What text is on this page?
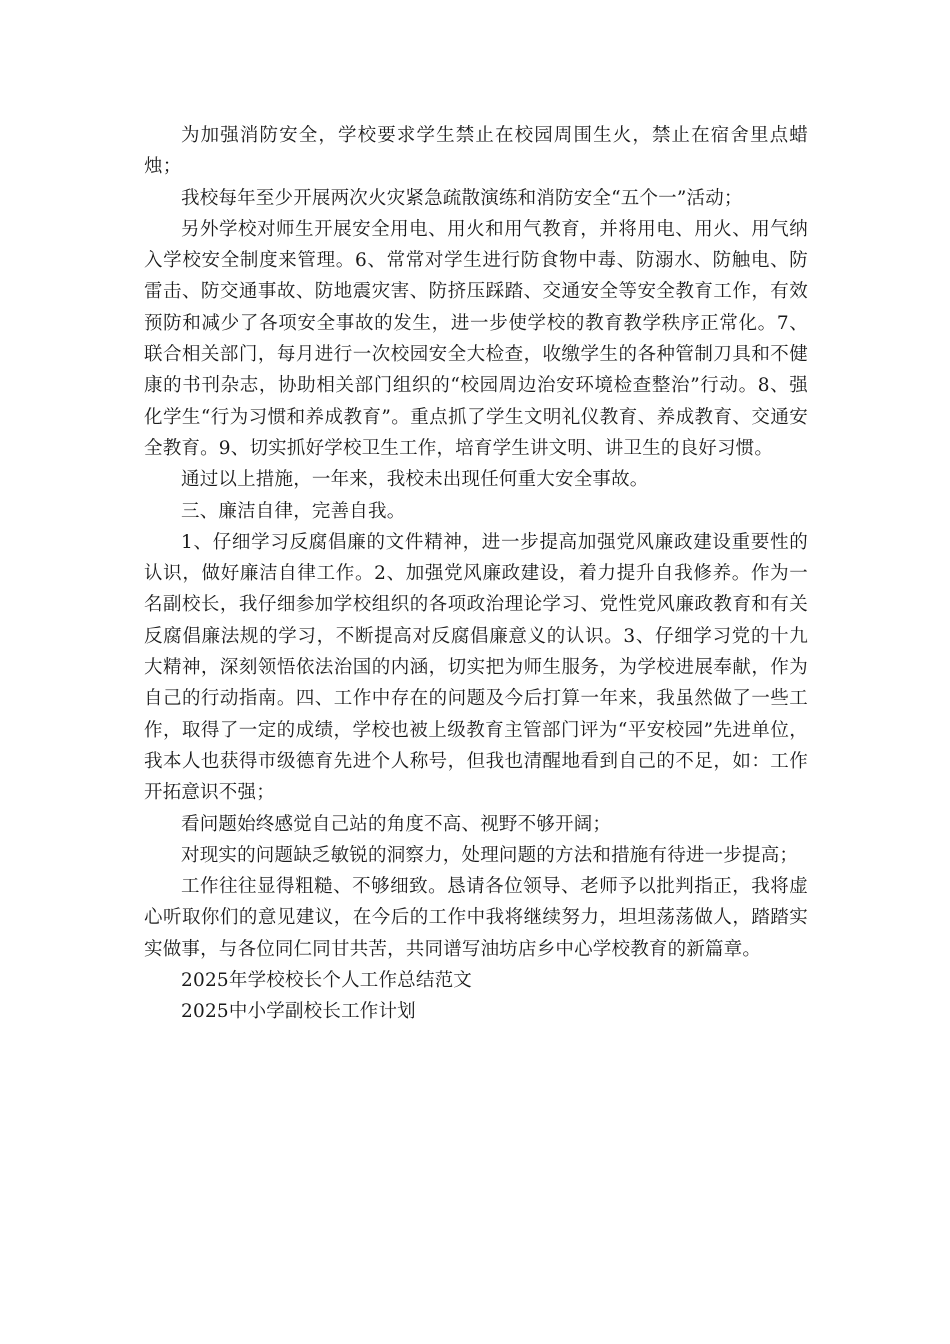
为加强消防安全，学校要求学生禁止在校园周围生火，禁止在宿舍里点蜡烛；

我校每年至少开展两次火灾紧急疏散演练和消防安全“五个一”活动；

另外学校对师生开展安全用电、用火和用气教育，并将用电、用火、用气纳入学校安全制度来管理。6、常常对学生进行防食物中毒、防溺水、防触电、防雷击、防交通事故、防地震灾害、防挤压踩踏、交通安全等安全教育工作，有效预防和减少了各项安全事故的发生，进一步使学校的教育教学秩序正常化。7、联合相关部门，每月进行一次校园安全大检查，收缴学生的各种管制刀具和不健康的书刊杂志，协助相关部门组织的“校园周边治安环境检查整治”行动。8、强化学生“行为习惯和养成教育”。重点抓了学生文明礼仪教育、养成教育、交通安全教育。9、切实抓好学校卫生工作，培育学生讲文明、讲卫生的良好习惯。

通过以上措施，一年来，我校未出现任何重大安全事故。

三、廉洁自律，完善自我。

1、仔细学习反腐倡廉的文件精神，进一步提高加强党风廉政建设重要性的认识，做好廉洁自律工作。2、加强党风廉政建设，着力提升自我修养。作为一名副校长，我仔细参加学校组织的各项政治理论学习、党性党风廉政教育和有关反腐倡廉法规的学习，不断提高对反腐倡廉意义的认识。3、仔细学习党的十九大精神，深刻领悟依法治国的内涵，切实把为师生服务，为学校进展奉献，作为自己的行动指南。四、工作中存在的问题及今后打算一年来，我虽然做了一些工作，取得了一定的成绩，学校也被上级教育主管部门评为“平安校园”先进单位，我本人也获得市级德育先进个人称号，但我也清醒地看到自己的不足，如：工作开拓意识不强；

看问题始终感觉自己站的角度不高、视野不够开阔；

对现实的问题缺乏敏锐的洞察力，处理问题的方法和措施有待进一步提高；

工作往往显得粗糙、不够细致。恳请各位领导、老师予以批判指正，我将虚心听取你们的意见建议，在今后的工作中我将继续努力，坦坦荡荡做人，踏踏实实做事，与各位同仁同甘共苦，共同谱写油坊店乡中心学校教育的新篇章。

2025年学校校长个人工作总结范文

2025中小学副校长工作计划
